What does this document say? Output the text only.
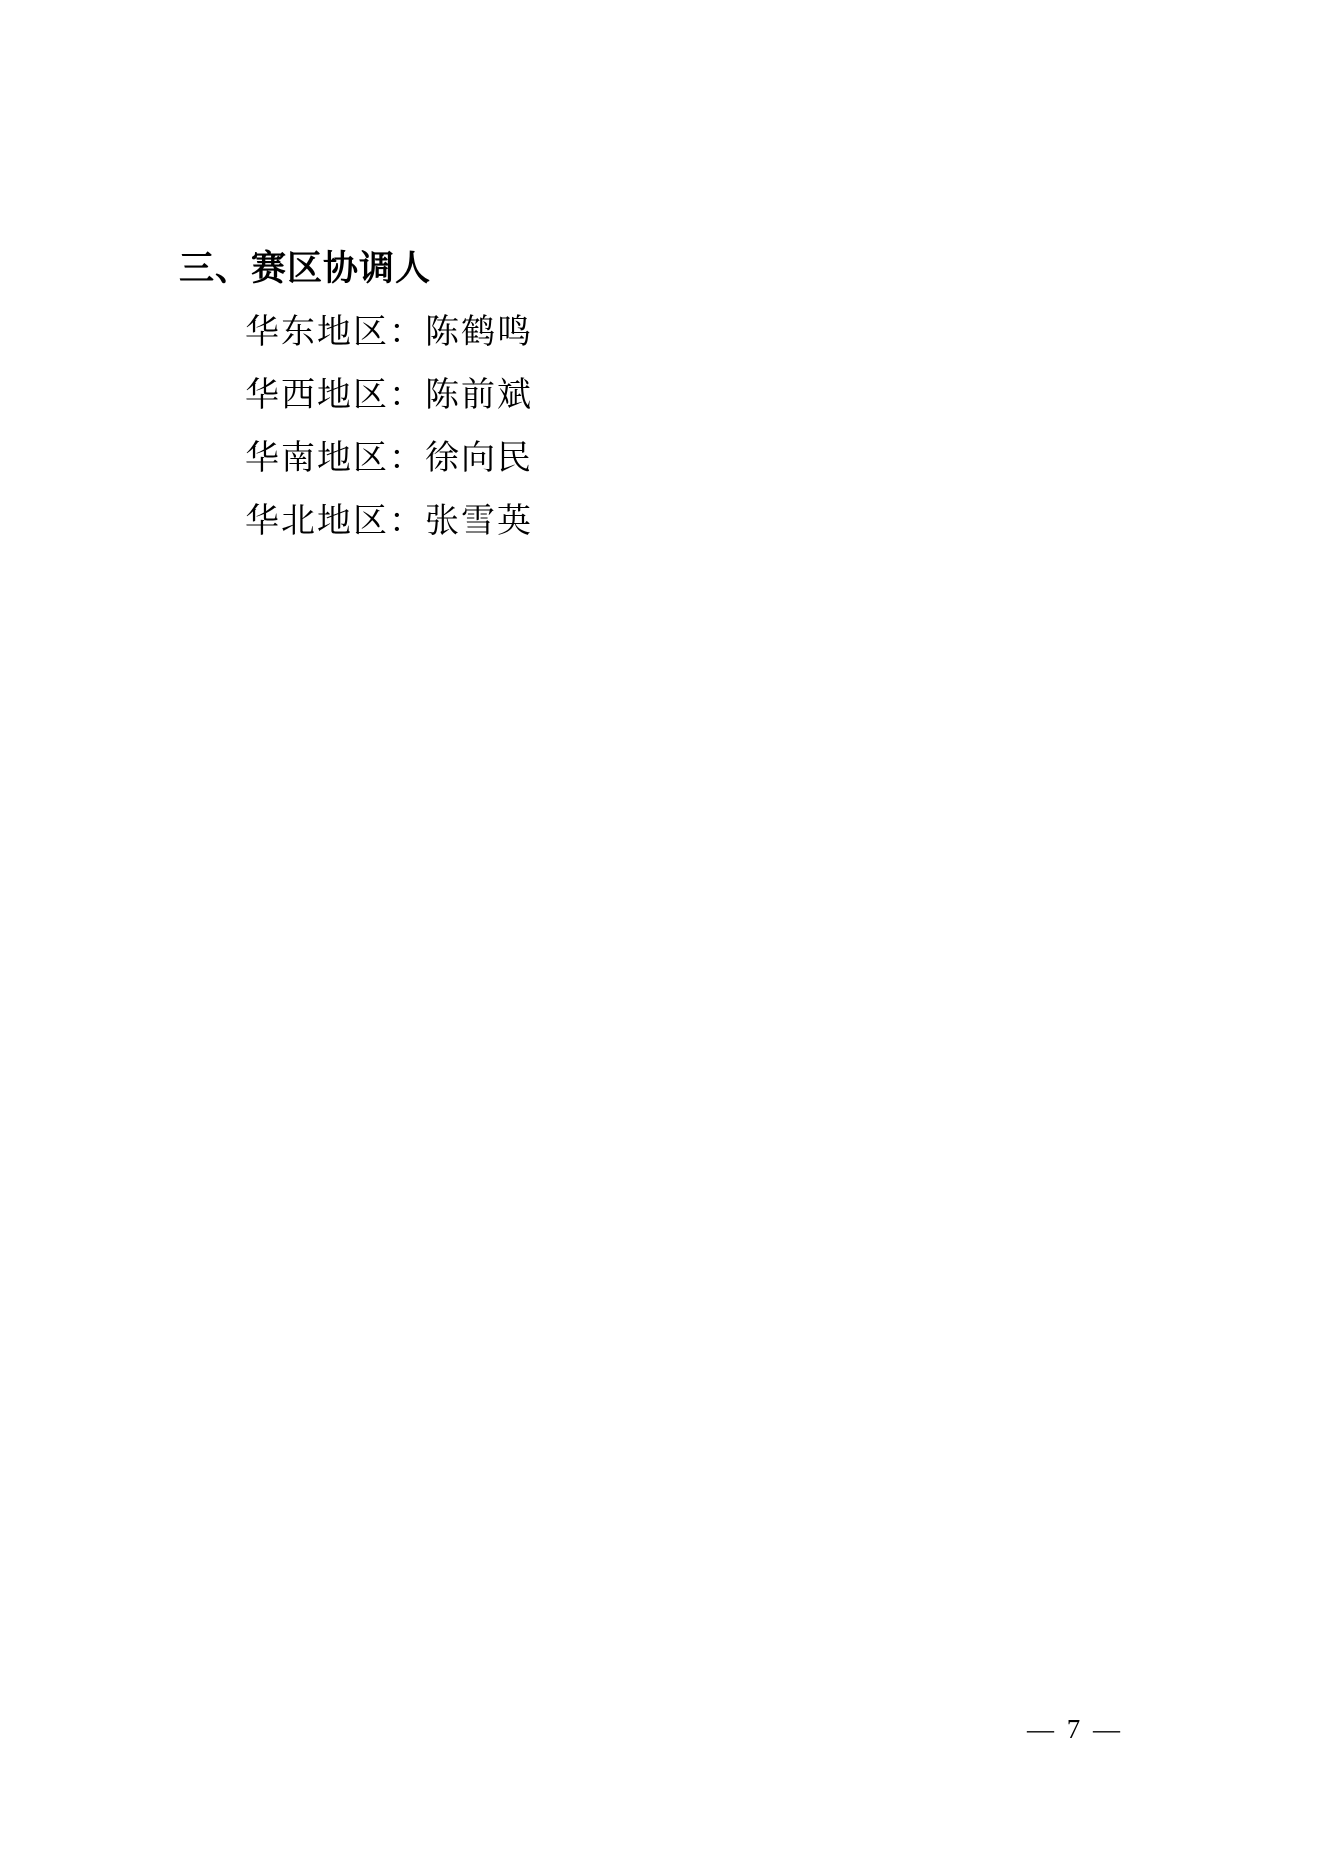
三、赛区协调人

华东地区：陈鹤鸣

华西地区：陈前斌

华南地区：徐向民

华北地区：张雪英

— 7 —
